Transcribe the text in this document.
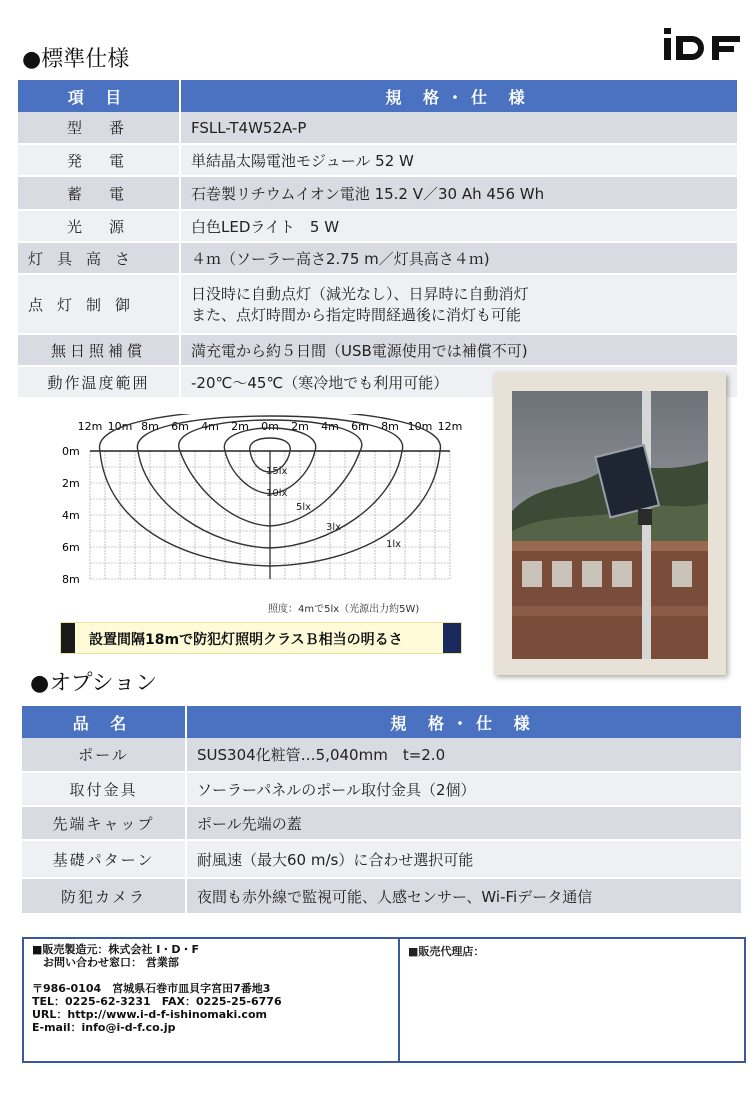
●標準仕様
項 目	規 格・仕 様
型　番	FSLL-T4W52A-P
発　電	単結晶太陽電池モジュール 52 W
蓄　電	石巻製リチウムイオン電池 15.2 V／30 Ah 456 Wh
光　源	白色LEDライト　5 W
灯具高さ	４ｍ（ソーラー高さ2.75 m／灯具高さ４ｍ)
点灯制御	日没時に自動点灯（減光なし）、日昇時に自動消灯
また、点灯時間から指定時間経過後に消灯も可能

無日照補償	満充電から約５日間（USB電源使用では補償不可)
動作温度範囲	-20℃～45℃（寒冷地でも利用可能）
12m 10m 8m 6m 4m 2m 0m 2m 4m 6m 8m 10m 12m
0m
2m
4m
6m
8m
15lx
10lx
5lx
3lx
1lx
照度：4mで5lx（光源出力約5W)
設置間隔18mで防犯灯照明クラスＢ相当の明るさ
●オプション
品 名	規 格・仕 様
ポール	SUS304化粧管…5,040mm　t=2.0
取付金具	ソーラーパネルのポール取付金具（2個）
先端キャップ	ポール先端の蓋
基礎パターン	耐風速（最大60 m/s）に合わせ選択可能
防犯カメラ	夜間も赤外線で監視可能、人感センサー、Wi-Fiデータ通信
■販売製造元：株式会社 I・D・F
　お問い合わせ窓口： 営業部
〒986-0104　宮城県石巻市皿貝字宮田7番地3
TEL：0225-62-3231　FAX：0225-25-6776
URL：http://www.i-d-f-ishinomaki.com
E-mail：info@i-d-f.co.jp
■販売代理店：
